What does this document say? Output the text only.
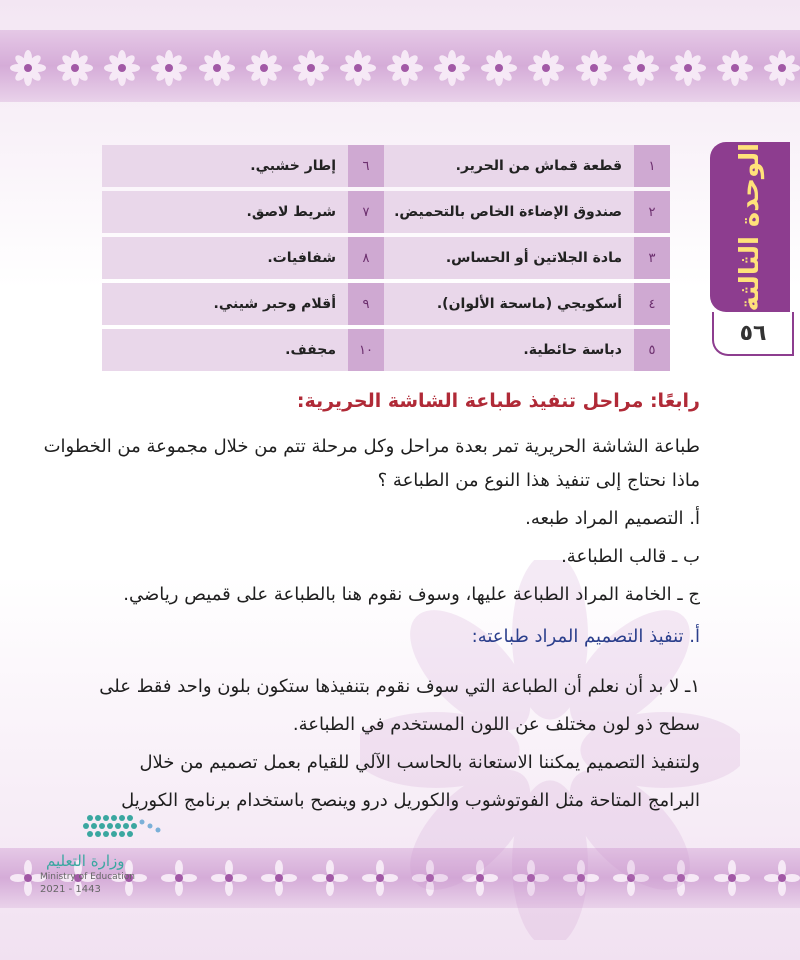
الوحدة الثالثة
٥٦
١
قطعة قماش من الحرير.
٦
إطار خشبي.
٢
صندوق الإضاءة الخاص بالتحميض.
٧
شريط لاصق.
٣
مادة الجلاتين أو الحساس.
٨
شفافيات.
٤
أسكويجي (ماسحة الألوان).
٩
أقلام وحبر شيني.
٥
دباسة حائطية.
١٠
مجفف.
رابعًا: مراحل تنفيذ طباعة الشاشة الحريرية:
طباعة الشاشة الحريرية تمر بعدة مراحل وكل مرحلة تتم من خلال مجموعة من الخطوات
ماذا نحتاج إلى تنفيذ هذا النوع من الطباعة ؟
أ. التصميم المراد طبعه.
ب ـ قالب الطباعة.
ج ـ الخامة المراد الطباعة عليها، وسوف نقوم هنا بالطباعة على قميص رياضي.
أ. تنفيذ التصميم المراد طباعته:
١ـ لا بد أن نعلم أن الطباعة التي سوف نقوم بتنفيذها ستكون بلون واحد فقط على
سطح ذو لون مختلف عن اللون المستخدم في الطباعة.
ولتنفيذ التصميم يمكننا الاستعانة بالحاسب الآلي للقيام بعمل تصميم من خلال
البرامج المتاحة مثل الفوتوشوب والكوريل درو وينصح باستخدام برنامج الكوريل
وزارة التعليم
Ministry of Education
2021 - 1443
